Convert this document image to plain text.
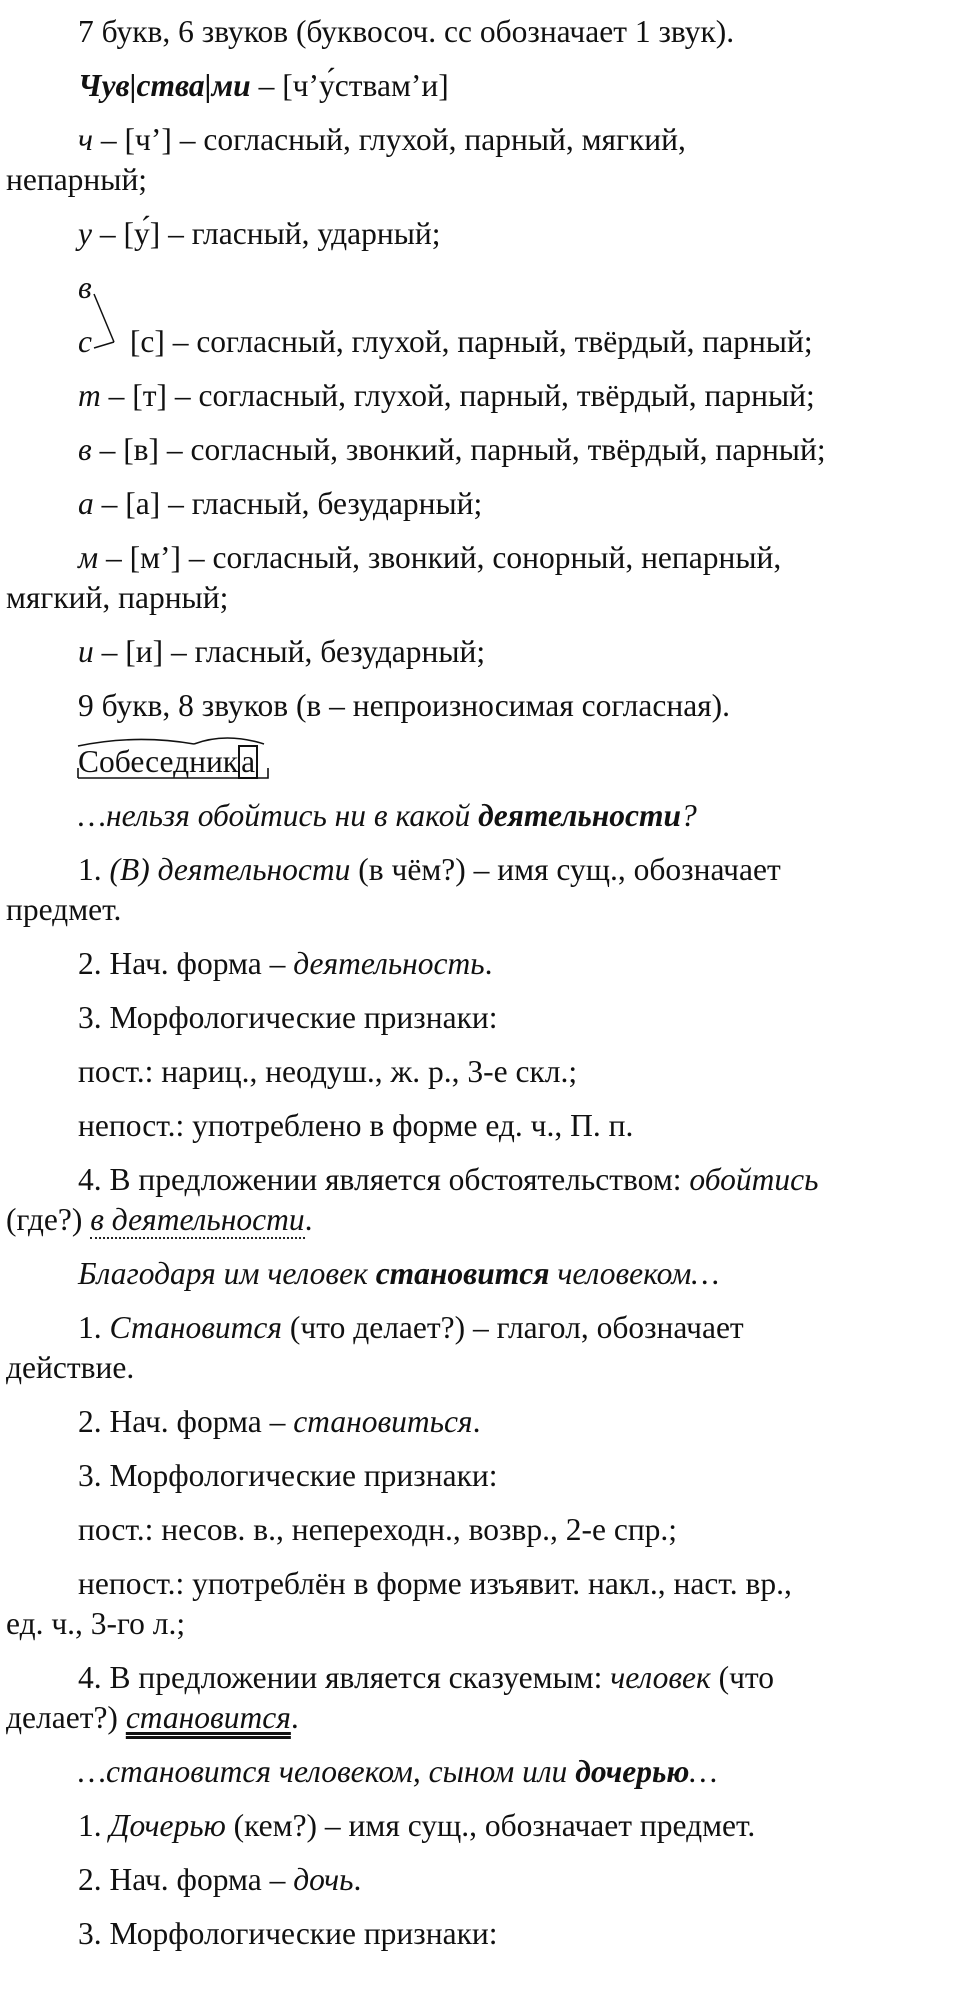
7 букв, 6 звуков (буквосоч. сс обозначает 1 звук).
Чув|ства|ми – [ч’у́ствам’и]
ч – [ч’] – согласный, глухой, парный, мягкий,
непарный;
у – [у́] – гласный, ударный;
в
с [с] – согласный, глухой, парный, твёрдый, парный;
т – [т] – согласный, глухой, парный, твёрдый, парный;
в – [в] – согласный, звонкий, парный, твёрдый, парный;
а – [а] – гласный, безударный;
м – [м’] – согласный, звонкий, сонорный, непарный,
мягкий, парный;
и – [и] – гласный, безударный;
9 букв, 8 звуков (в – непроизносимая согласная).
Собеседника
…нельзя обойтись ни в какой деятельности?
1. (В) деятельности (в чём?) – имя сущ., обозначает
предмет.
2. Нач. форма – деятельность.
3. Морфологические признаки:
пост.: нариц., неодуш., ж. р., 3-е скл.;
непост.: употреблено в форме ед. ч., П. п.
4. В предложении является обстоятельством: обойтись
(где?) в деятельности.
Благодаря им человек становится человеком…
1. Становится (что делает?) – глагол, обозначает
действие.
2. Нач. форма – становиться.
3. Морфологические признаки:
пост.: несов. в., непереходн., возвр., 2-е спр.;
непост.: употреблён в форме изъявит. накл., наст. вр.,
ед. ч., 3-го л.;
4. В предложении является сказуемым: человек (что
делает?) становится.
…становится человеком, сыном или дочерью…
1. Дочерью (кем?) – имя сущ., обозначает предмет.
2. Нач. форма – дочь.
3. Морфологические признаки:
